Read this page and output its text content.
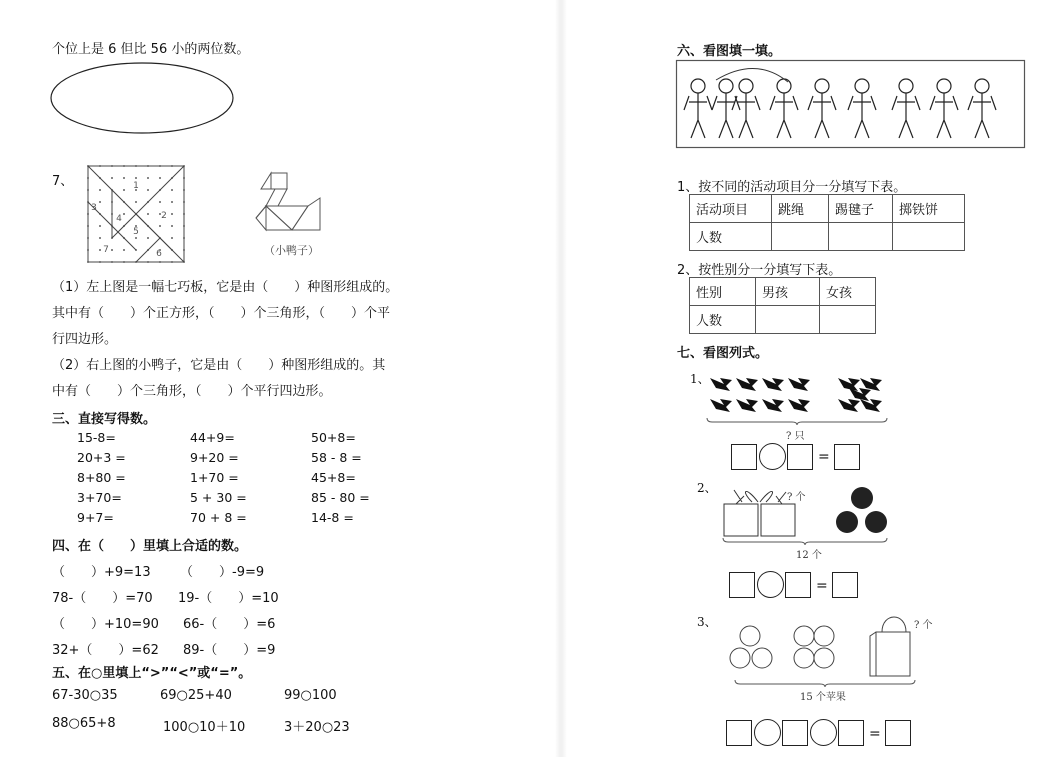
个位上是 6 但比 56 小的两位数。
7、	1
2
3
4
5
6
7	（小鸭子）
（1）左上图是一幅七巧板，它是由（　　）种图形组成的。
其中有（　　）个正方形，（　　）个三角形，（　　）个平
行四边形。
（2）右上图的小鸭子，它是由（　　）种图形组成的。其
中有（　　）个三角形，（　　）个平行四边形。
三、直接写得数。
15-8=	44+9=	50+8=
20+3 =	9+20 =	58 - 8 =
8+80 =	1+70 =	45+8=
3+70=	5 + 30 =	85 - 80 =
9+7=	70 + 8 =	14-8 =
四、在（　　）里填上合适的数。
（　　）+9=13 （　　）-9=9
78-（　　）=70 19-（　　）=10
（　　）+10=90 66-（　　）=6
32+（　　）=62 89-（　　）=9
五、在○里填上“>”“<”或“=”。
67-30○35	69○25+40	99○100
88○65+8	100○10＋10	3＋20○23
六、看图填一填。
1、按不同的活动项目分一分填写下表。
活动项目	跳绳	踢毽子	掷铁饼
人数			
2、按性别分一分填写下表。
性别	男孩	女孩
人数		
七、看图列式。
1、
? 只
=
2、
? 个
12 个
=
3、	? 个
15 个苹果
=
